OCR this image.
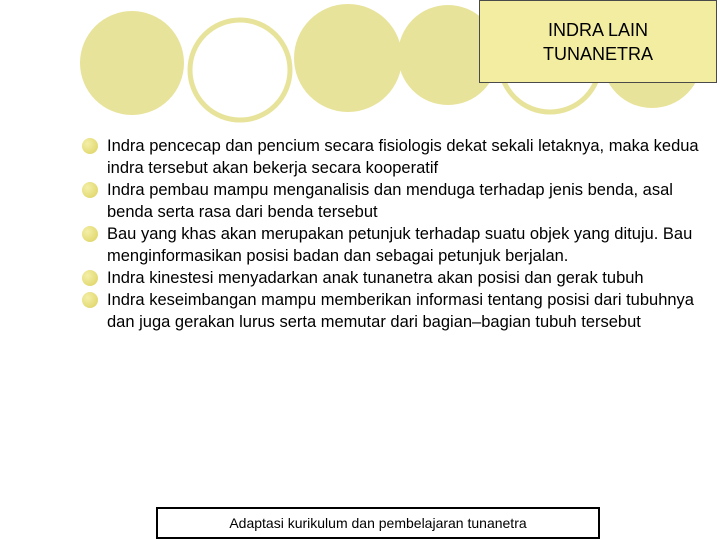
INDRA LAIN
TUNANETRA
Indra pencecap dan pencium secara fisiologis dekat sekali letaknya, maka kedua indra tersebut akan bekerja secara kooperatif
Indra pembau mampu menganalisis dan menduga terhadap jenis benda, asal benda serta rasa dari benda tersebut
Bau yang khas akan merupakan petunjuk terhadap suatu objek yang dituju. Bau menginformasikan posisi badan dan sebagai petunjuk berjalan.
Indra kinestesi menyadarkan anak tunanetra akan posisi dan gerak tubuh
Indra keseimbangan mampu memberikan informasi tentang posisi dari tubuhnya dan juga gerakan lurus serta memutar dari bagian–bagian tubuh tersebut
Adaptasi kurikulum dan pembelajaran tunanetra
